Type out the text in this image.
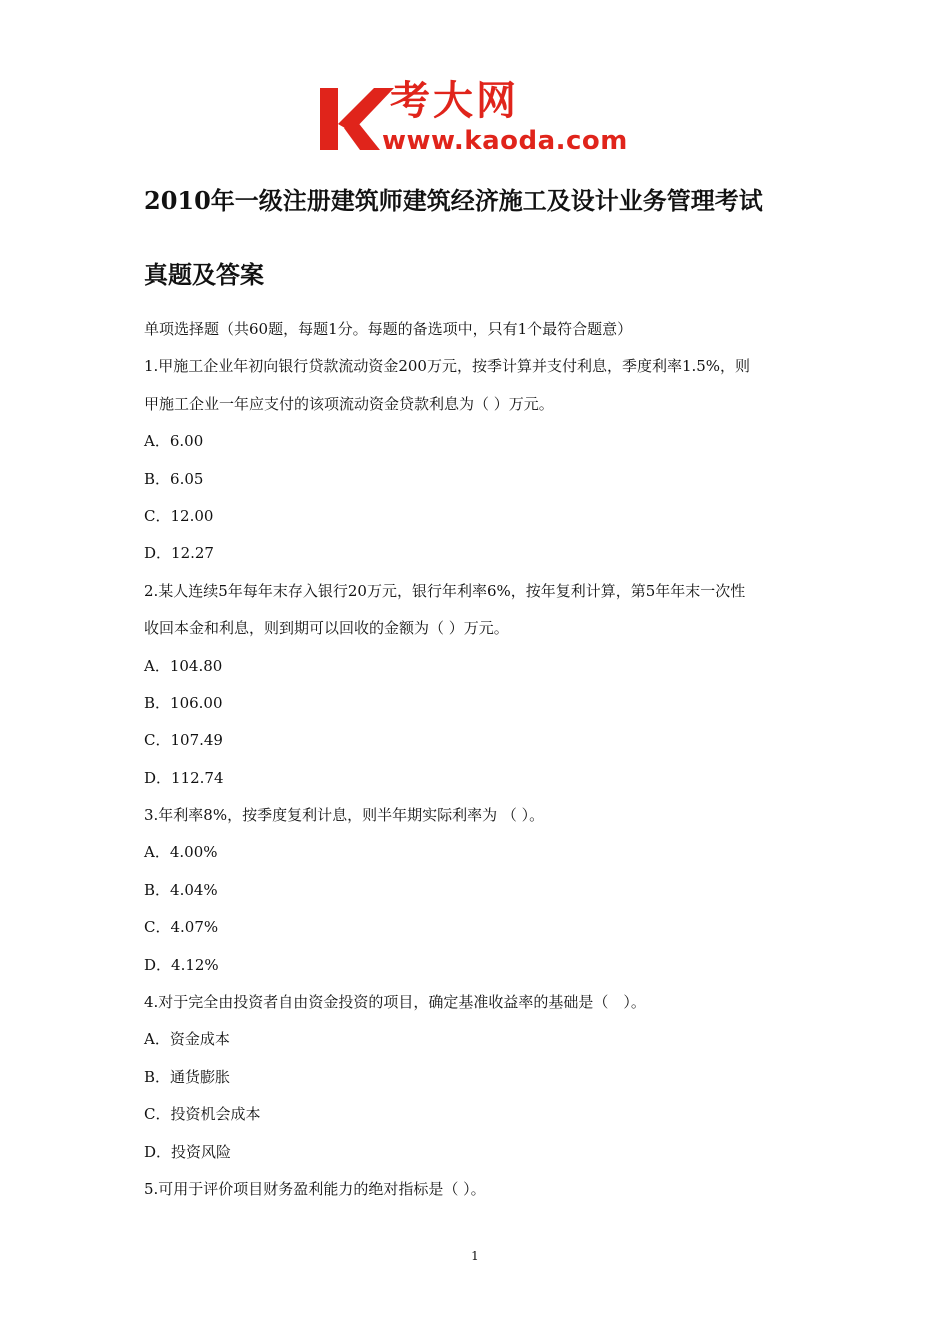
考大网
www.kaoda.com
2010年一级注册建筑师建筑经济施工及设计业务管理考试
真题及答案

单项选择题（共60题，每题1分。每题的备选项中，只有1个最符合题意）

1.甲施工企业年初向银行贷款流动资金200万元，按季计算并支付利息，季度利率1.5%，则

甲施工企业一年应支付的该项流动资金贷款利息为（ ）万元。

A．6.00

B．6.05

C．12.00

D．12.27

2.某人连续5年每年末存入银行20万元，银行年利率6%，按年复利计算，第5年年末一次性

收回本金和利息，则到期可以回收的金额为（ ）万元。

A．104.80

B．106.00

C．107.49

D．112.74

3.年利率8%，按季度复利计息，则半年期实际利率为 （ ）。

A．4.00%

B．4.04%

C．4.07%

D．4.12%

4.对于完全由投资者自由资金投资的项目，确定基准收益率的基础是（　）。

A．资金成本

B．通货膨胀

C．投资机会成本

D．投资风险

5.可用于评价项目财务盈利能力的绝对指标是（ ）。

1
